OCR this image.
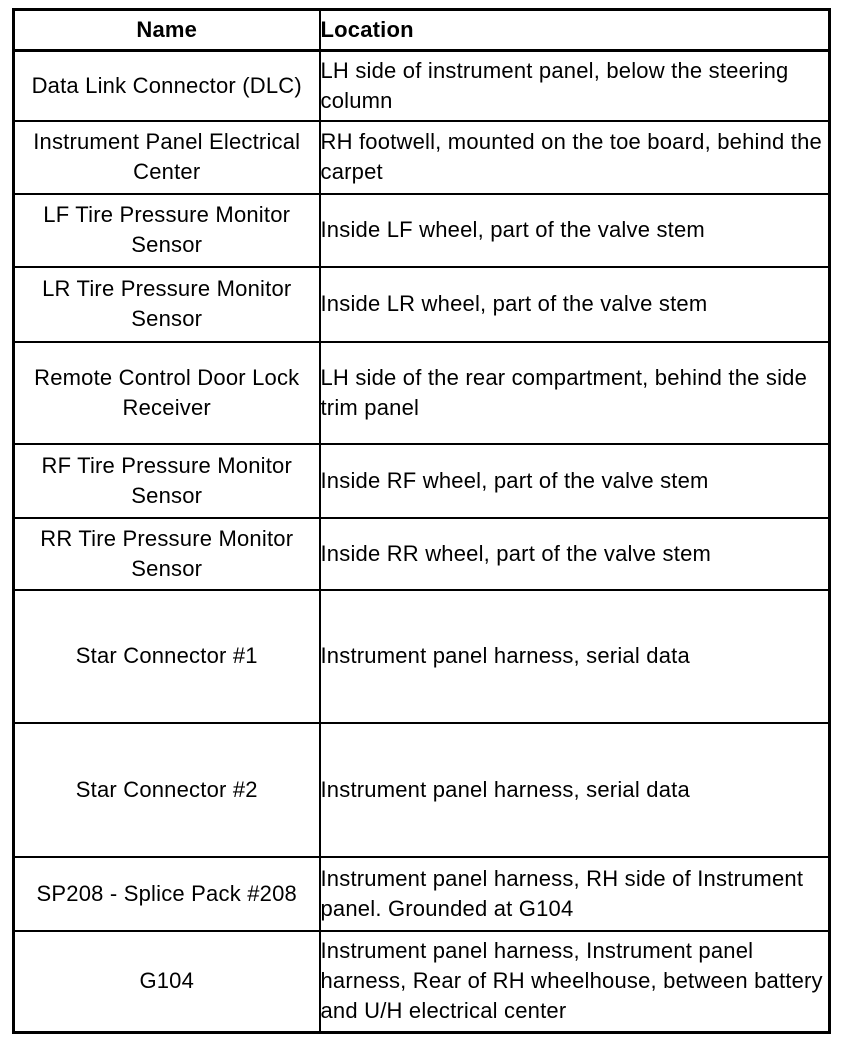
Name	Location
Data Link Connector (DLC)	LH side of instrument panel, below the steering column
Instrument Panel Electrical Center	RH footwell, mounted on the toe board, behind the carpet
LF Tire Pressure Monitor Sensor	Inside LF wheel, part of the valve stem
LR Tire Pressure Monitor Sensor	Inside LR wheel, part of the valve stem
Remote Control Door Lock Receiver	LH side of the rear compartment, behind the side trim panel
RF Tire Pressure Monitor Sensor	Inside RF wheel, part of the valve stem
RR Tire Pressure Monitor Sensor	Inside RR wheel, part of the valve stem
Star Connector #1	Instrument panel harness, serial data
Star Connector #2	Instrument panel harness, serial data
SP208 - Splice Pack #208	Instrument panel harness, RH side of Instrument panel. Grounded at G104
G104	Instrument panel harness, Instrument panel harness, Rear of RH wheelhouse, between battery and U/H electrical center
